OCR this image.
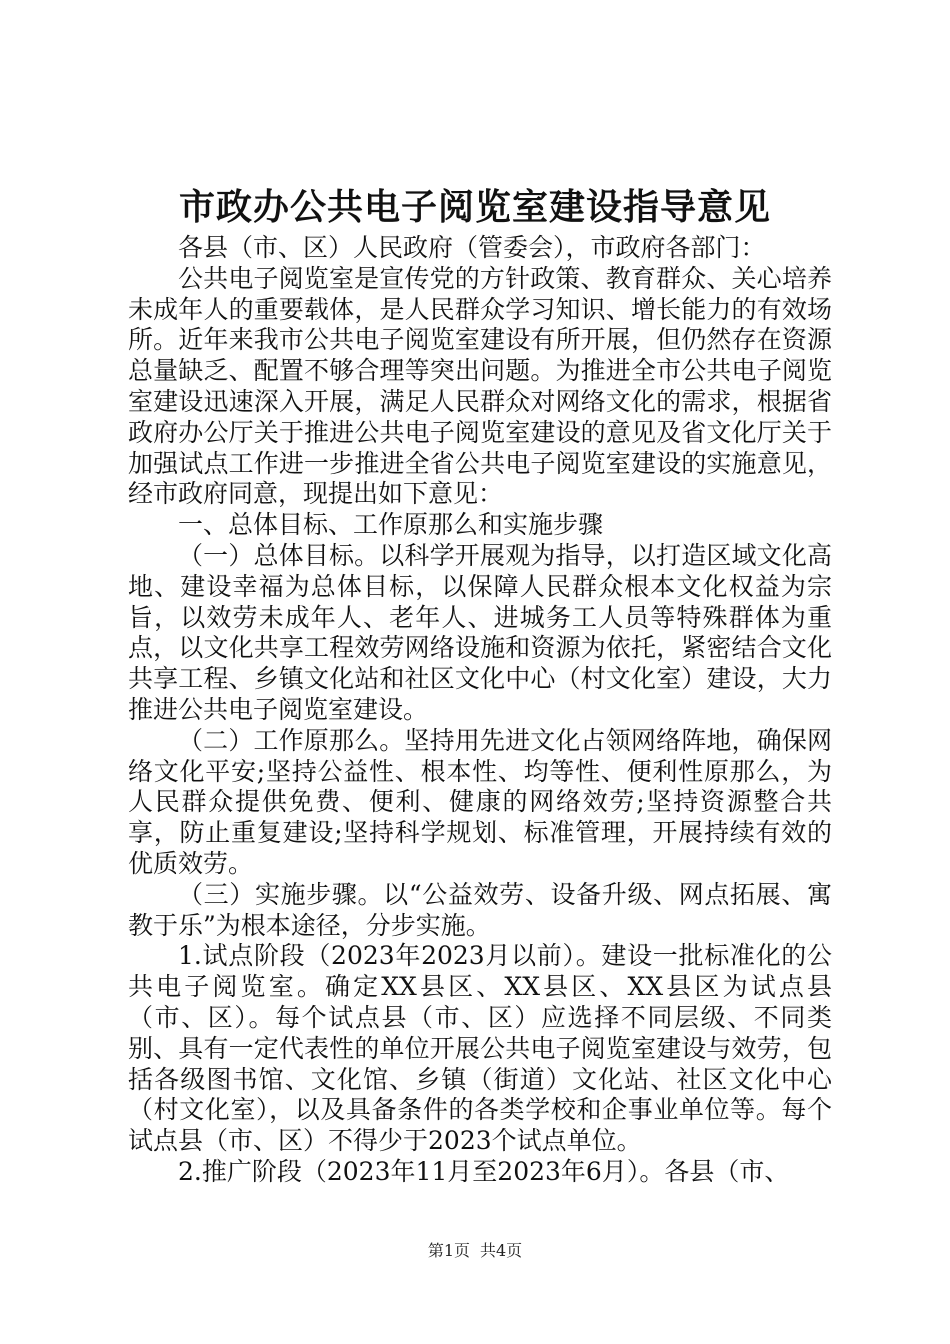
市政办公共电子阅览室建设指导意见

各县（市、区）人民政府（管委会），市政府各部门：

公共电子阅览室是宣传党的方针政策、教育群众、关心培养未成年人的重要载体，是人民群众学习知识、增长能力的有效场所。近年来我市公共电子阅览室建设有所开展，但仍然存在资源总量缺乏、配置不够合理等突出问题。为推进全市公共电子阅览室建设迅速深入开展，满足人民群众对网络文化的需求，根据省政府办公厅关于推进公共电子阅览室建设的意见及省文化厅关于加强试点工作进一步推进全省公共电子阅览室建设的实施意见，经市政府同意，现提出如下意见：

一、总体目标、工作原那么和实施步骤

（一）总体目标。以科学开展观为指导，以打造区域文化高地、建设幸福为总体目标，以保障人民群众根本文化权益为宗旨，以效劳未成年人、老年人、进城务工人员等特殊群体为重点，以文化共享工程效劳网络设施和资源为依托，紧密结合文化共享工程、乡镇文化站和社区文化中心（村文化室）建设，大力推进公共电子阅览室建设。

（二）工作原那么。坚持用先进文化占领网络阵地，确保网络文化平安;坚持公益性、根本性、均等性、便利性原那么，为人民群众提供免费、便利、健康的网络效劳;坚持资源整合共享，防止重复建设;坚持科学规划、标准管理，开展持续有效的优质效劳。

（三）实施步骤。以“公益效劳、设备升级、网点拓展、寓教于乐”为根本途径，分步实施。

1.试点阶段（2023年2023月以前）。建设一批标准化的公共电子阅览室。确定XX县区、XX县区、XX县区为试点县（市、区）。每个试点县（市、区）应选择不同层级、不同类别、具有一定代表性的单位开展公共电子阅览室建设与效劳，包括各级图书馆、文化馆、乡镇（街道）文化站、社区文化中心（村文化室），以及具备条件的各类学校和企事业单位等。每个试点县（市、区）不得少于2023个试点单位。

2.推广阶段（2023年11月至2023年6月）。各县（市、

第1页 共4页
